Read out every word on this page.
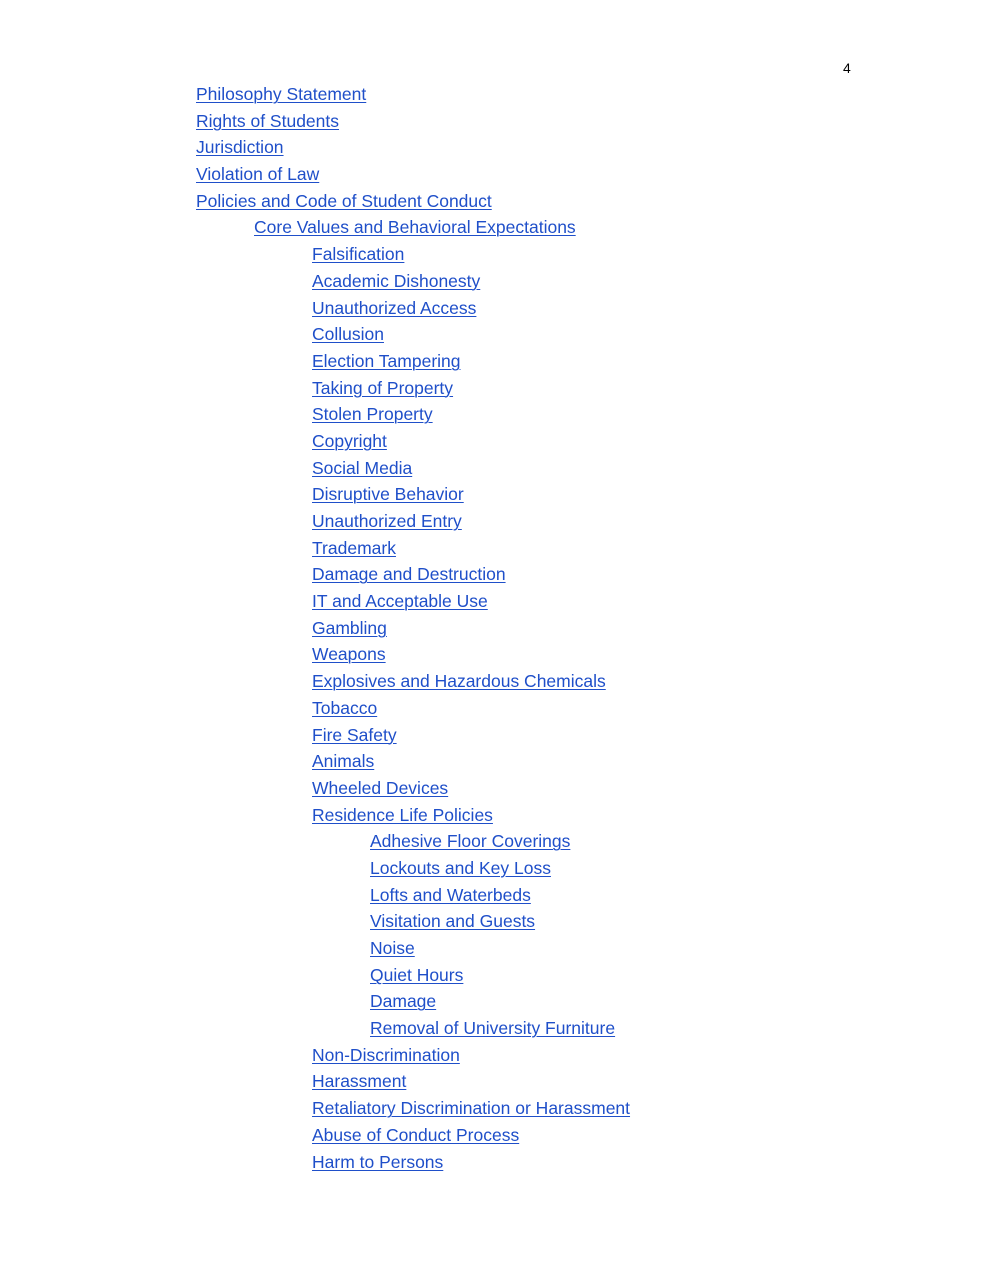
4
Philosophy Statement
Rights of Students
Jurisdiction
Violation of Law
Policies and Code of Student Conduct
Core Values and Behavioral Expectations
Falsification
Academic Dishonesty
Unauthorized Access
Collusion
Election Tampering
Taking of Property
Stolen Property
Copyright
Social Media
Disruptive Behavior
Unauthorized Entry
Trademark
Damage and Destruction
IT and Acceptable Use
Gambling
Weapons
Explosives and Hazardous Chemicals
Tobacco
Fire Safety
Animals
Wheeled Devices
Residence Life Policies
Adhesive Floor Coverings
Lockouts and Key Loss
Lofts and Waterbeds
Visitation and Guests
Noise
Quiet Hours
Damage
Removal of University Furniture
Non-Discrimination
Harassment
Retaliatory Discrimination or Harassment
Abuse of Conduct Process
Harm to Persons
